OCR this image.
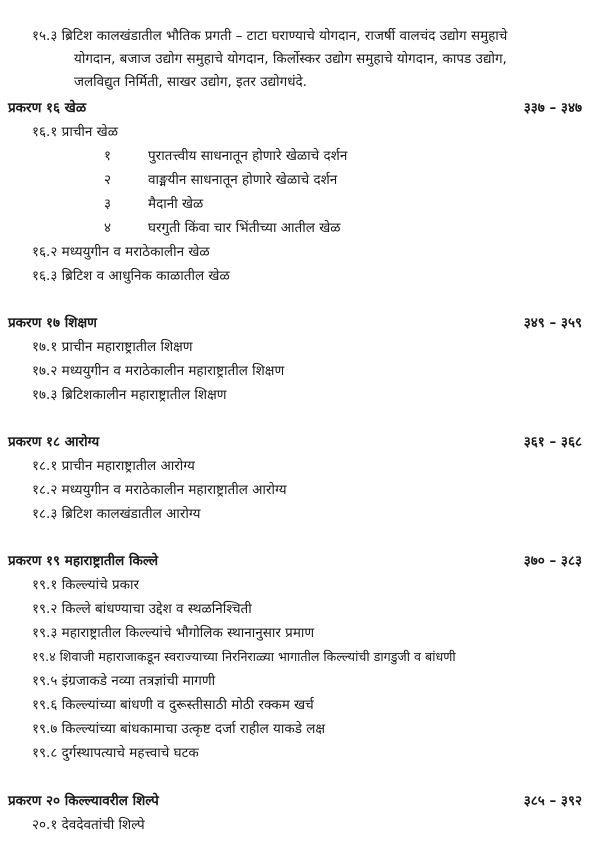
१५.३ ब्रिटिश कालखंडातील भौतिक प्रगती – टाटा घराण्याचे योगदान, राजर्षी वालचंद उद्योग समुहाचे
योगदान, बजाज उद्योग समुहाचे योगदान, किर्लोस्कर उद्योग समुहाचे योगदान, कापड उद्योग,
जलविद्युत निर्मिती, साखर उद्योग, इतर उद्योगधंदे.
प्रकरण १६ खेळ	३३७ – ३४७
१६.१ प्राचीन खेळ
१	पुरातत्त्वीय साधनातून होणारे खेळाचे दर्शन
२	वाङ्मयीन साधनातून होणारे खेळाचे दर्शन
३	मैदानी खेळ
४	घरगुती किंवा चार भिंतीच्या आतील खेळ
१६.२ मध्ययुगीन व मराठेकालीन खेळ
१६.३ ब्रिटिश व आधुनिक काळातील खेळ
प्रकरण १७ शिक्षण	३४९ – ३५९
१७.१ प्राचीन महाराष्ट्रातील शिक्षण
१७.२ मध्ययुगीन व मराठेकालीन महाराष्ट्रातील शिक्षण
१७.३ ब्रिटिशकालीन महाराष्ट्रातील शिक्षण
प्रकरण १८ आरोग्य	३६१ – ३६८
१८.१ प्राचीन महाराष्ट्रातील आरोग्य
१८.२ मध्ययुगीन व मराठेकालीन महाराष्ट्रातील आरोग्य
१८.३ ब्रिटिश कालखंडातील आरोग्य
प्रकरण १९ महाराष्ट्रातील किल्ले	३७० – ३८३
१९.१ किल्ल्यांचे प्रकार
१९.२ किल्ले बांधण्याचा उद्देश व स्थळनिश्चिती
१९.३ महाराष्ट्रातील किल्ल्यांचे भौगोलिक स्थानानुसार प्रमाण
१९.४ शिवाजी महाराजाकडून स्वराज्याच्या निरनिराळ्या भागातील किल्ल्यांची डागडुजी व बांधणी
१९.५ इंग्रजाकडे नव्या तत्रज्ञांची मागणी
१९.६ किल्ल्यांच्या बांधणी व दुरूस्तीसाठी मोठी रक्कम खर्च
१९.७ किल्ल्यांच्या बांधकामाचा उत्कृष्ट दर्जा राहील याकडे लक्ष
१९.८ दुर्गस्थापत्याचे महत्त्वाचे घटक
प्रकरण २० किल्ल्यावरील शिल्पे	३८५ – ३९२
२०.१ देवदेवतांची शिल्पे
